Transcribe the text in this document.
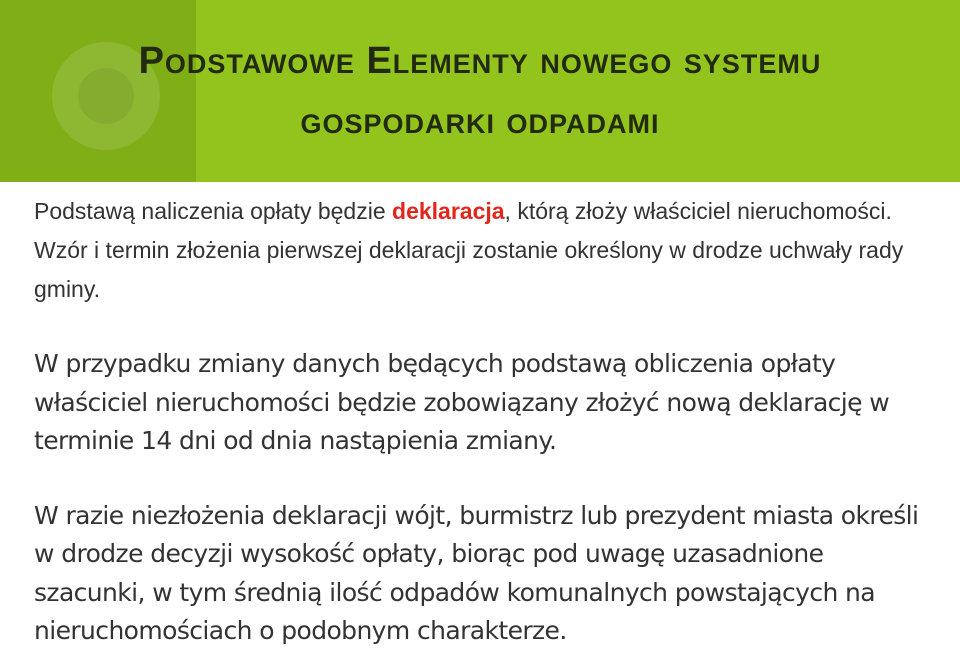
Podstawowe Elementy nowego systemu
gospodarki odpadami

Podstawą naliczenia opłaty będzie deklaracja, którą złoży właściciel nieruchomości. Wzór i termin złożenia pierwszej deklaracji zostanie określony w drodze uchwały rady gminy.

W przypadku zmiany danych będących podstawą obliczenia opłaty właściciel nieruchomości będzie zobowiązany złożyć nową deklarację w terminie 14 dni od dnia nastąpienia zmiany.

W razie niezłożenia deklaracji wójt, burmistrz lub prezydent miasta określi w drodze decyzji wysokość opłaty, biorąc pod uwagę uzasadnione szacunki, w tym średnią ilość odpadów komunalnych powstających na nieruchomościach o podobnym charakterze.
